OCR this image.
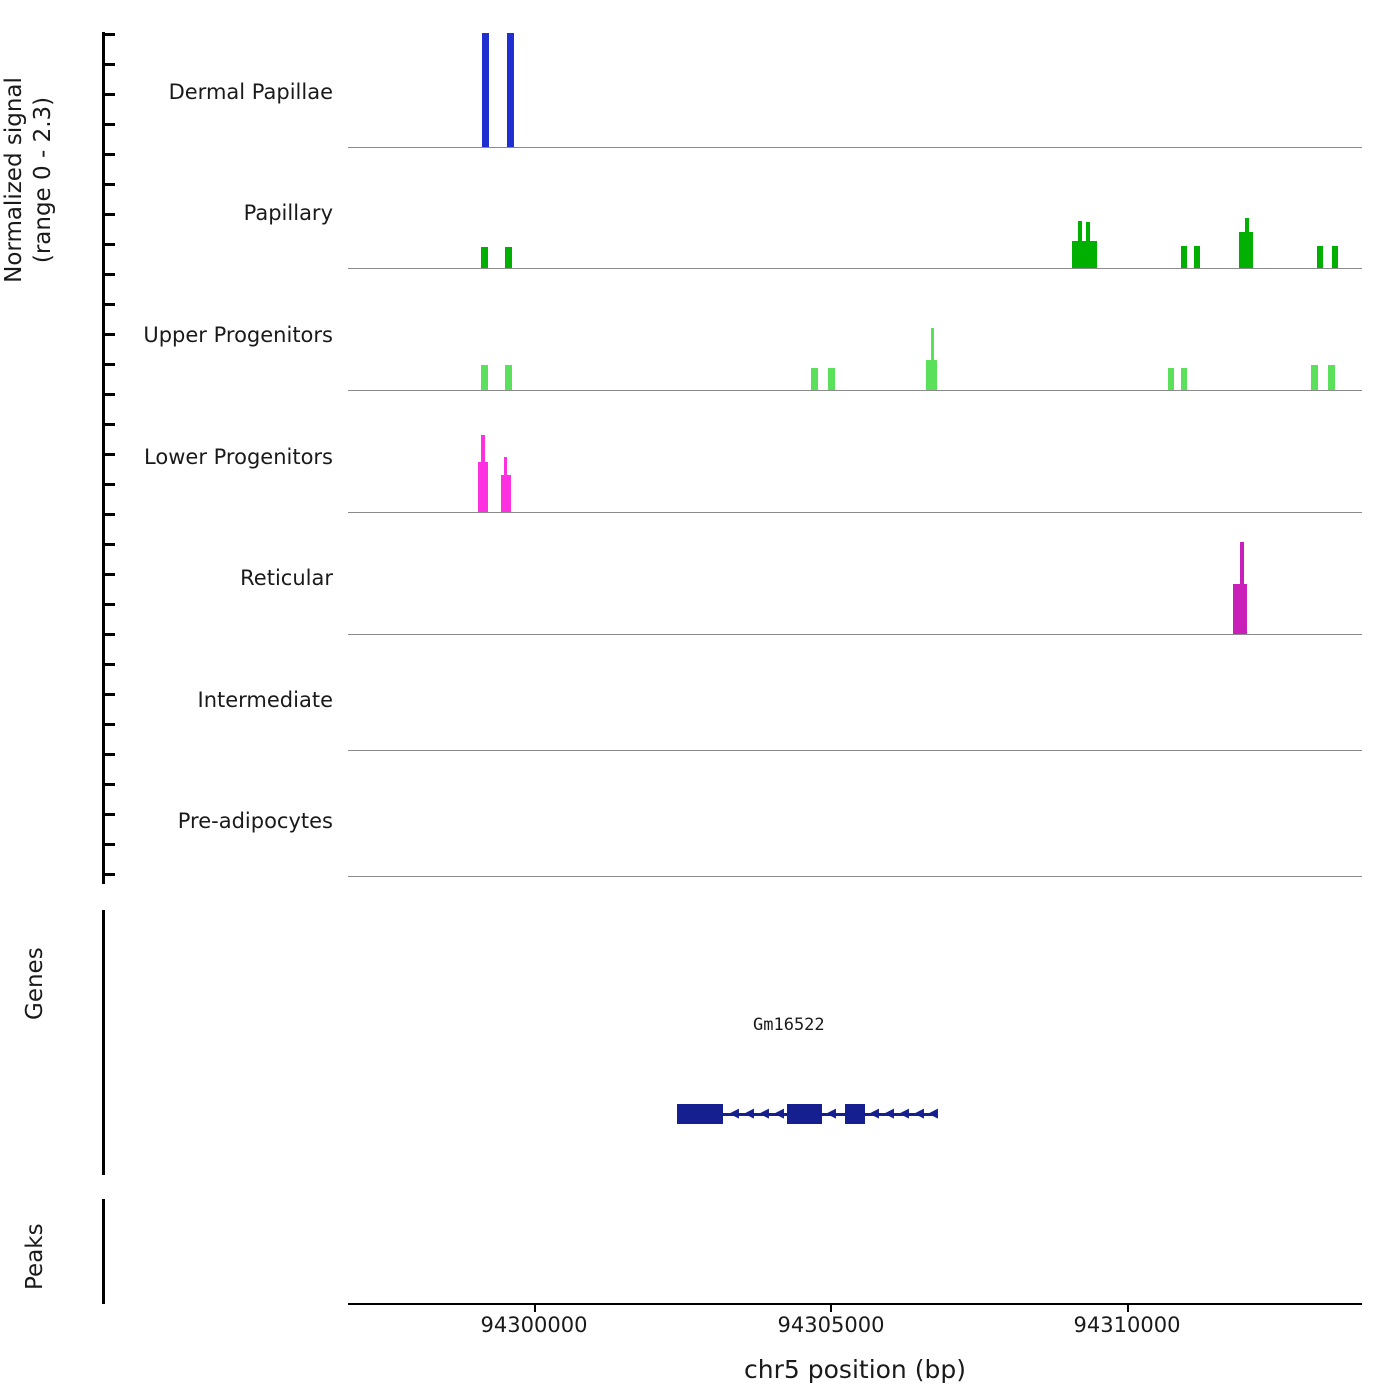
Normalized signal (range 0 - 2.3)
Dermal Papillae
Papillary
Upper Progenitors
Lower Progenitors
Reticular
Intermediate
Pre-adipocytes
Genes
Gm16522
◀ ◀ ◀ ◀	◀	◀ ◀ ◀ ◀ ◀
Peaks
94300000	94305000	94310000
chr5 position (bp)
